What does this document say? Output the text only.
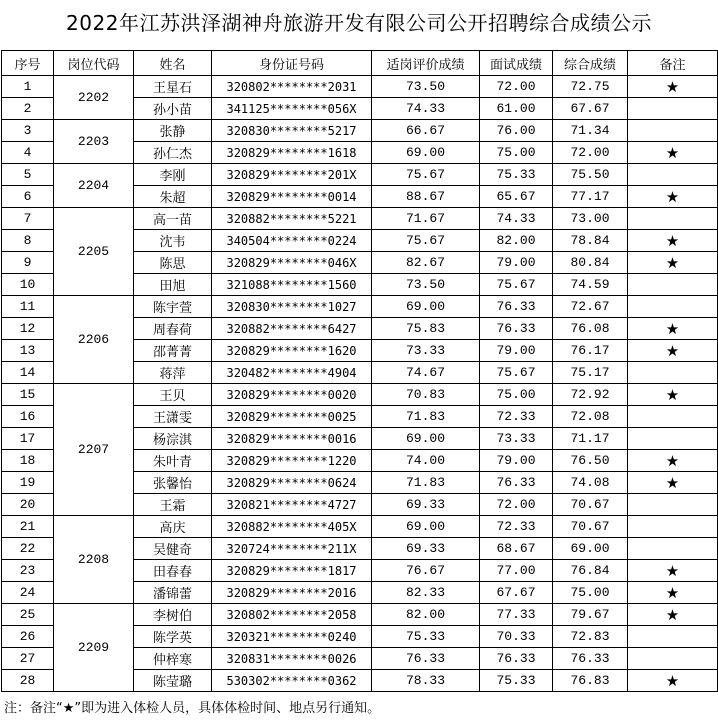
2022年江苏洪泽湖神舟旅游开发有限公司公开招聘综合成绩公示
序号	岗位代码	姓名	身份证号码	适岗评价成绩	面试成绩	综合成绩	备注
1	2202	王星石	320802********2031	73.50	72.00	72.75	★
2		孙小苗	341125********056X	74.33	61.00	67.67	
3	2203	张静	320830********5217	66.67	76.00	71.34	
4		孙仁杰	320829********1618	69.00	75.00	72.00	★
5	2204	李刚	320829********201X	75.67	75.33	75.50	
6		朱超	320829********0014	88.67	65.67	77.17	★
7	2205	高一苗	320882********5221	71.67	74.33	73.00	
8		沈韦	340504********0224	75.67	82.00	78.84	★
9		陈思	320829********046X	82.67	79.00	80.84	★
10		田旭	321088********1560	73.50	75.67	74.59	
11	2206	陈宇萱	320830********1027	69.00	76.33	72.67	
12		周春荷	320882********6427	75.83	76.33	76.08	★
13		邵菁菁	320829********1620	73.33	79.00	76.17	★
14		蒋萍	320482********4904	74.67	75.67	75.17	
15	2207	王贝	320829********0020	70.83	75.00	72.92	★
16		王潇雯	320829********0025	71.83	72.33	72.08	
17		杨淙淇	320829********0016	69.00	73.33	71.17	
18		朱叶青	320829********1220	74.00	79.00	76.50	★
19		张馨怡	320829********0624	71.83	76.33	74.08	★
20		王霜	320821********4727	69.33	72.00	70.67	
21	2208	高庆	320882********405X	69.00	72.33	70.67	
22		吴健奇	320724********211X	69.33	68.67	69.00	
23		田春春	320829********1817	76.67	77.00	76.84	★
24		潘锦蕾	320829********2016	82.33	67.67	75.00	★
25	2209	李树伯	320802********2058	82.00	77.33	79.67	★
26		陈学英	320321********0240	75.33	70.33	72.83	
27		仲梓寒	320831********0026	76.33	76.33	76.33	
28		陈莹璐	530302********0362	78.33	75.33	76.83	★
注：备注“★”即为进入体检人员，具体体检时间、地点另行通知。
